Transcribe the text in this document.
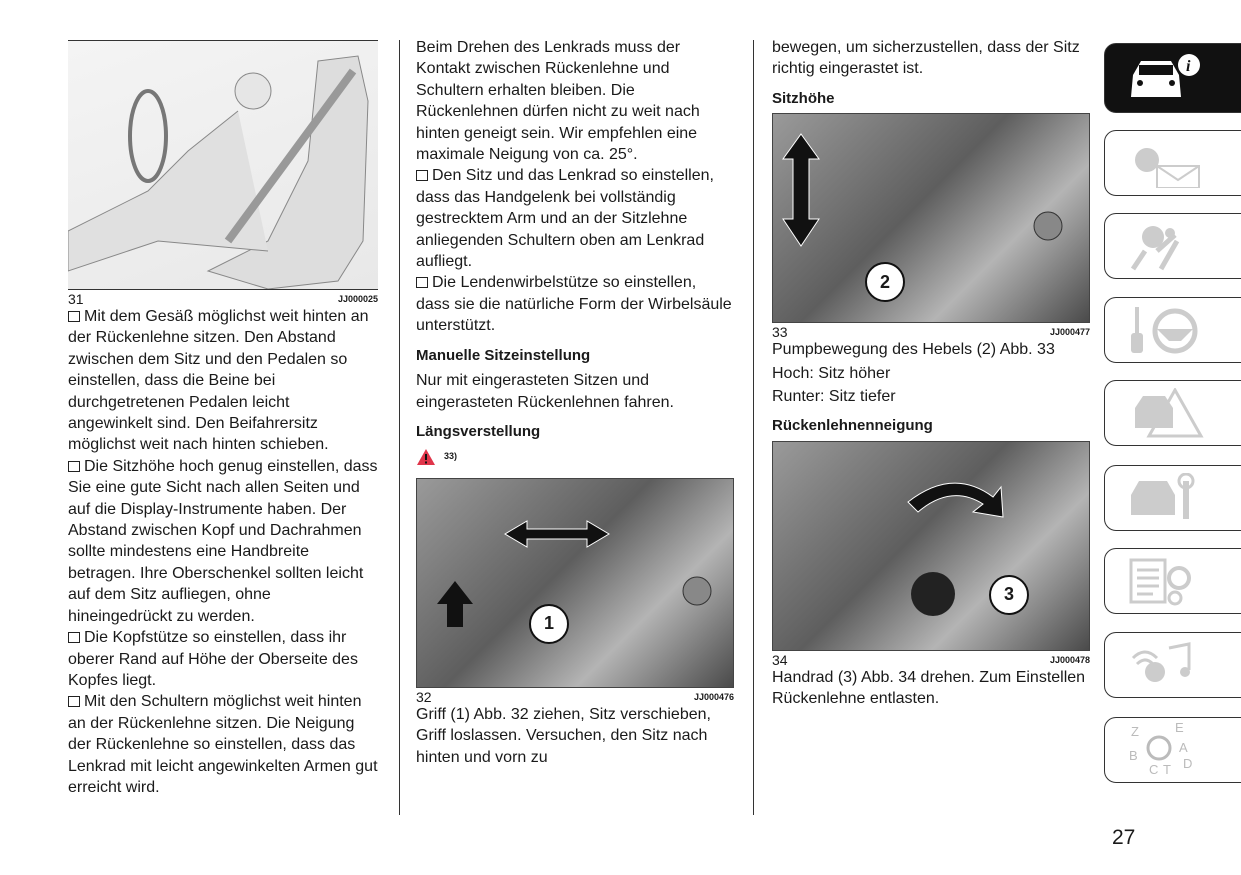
31	JJ000025

Mit dem Gesäß möglichst weit hinten an der Rückenlehne sitzen. Den Abstand zwischen dem Sitz und den Pedalen so einstellen, dass die Beine bei durchgetretenen Pedalen leicht angewinkelt sind. Den Beifahrersitz möglichst weit nach hinten schieben.

Die Sitzhöhe hoch genug einstellen, dass Sie eine gute Sicht nach allen Seiten und auf die Display-Instrumente haben. Der Abstand zwischen Kopf und Dachrahmen sollte mindestens eine Handbreite betragen. Ihre Oberschenkel sollten leicht auf dem Sitz aufliegen, ohne hineingedrückt zu werden.

Die Kopfstütze so einstellen, dass ihr oberer Rand auf Höhe der Oberseite des Kopfes liegt.

Mit den Schultern möglichst weit hinten an der Rückenlehne sitzen. Die Neigung der Rückenlehne so einstellen, dass das Lenkrad mit leicht angewinkelten Armen gut erreicht wird.

Beim Drehen des Lenkrads muss der Kontakt zwischen Rückenlehne und Schultern erhalten bleiben. Die Rückenlehnen dürfen nicht zu weit nach hinten geneigt sein. Wir empfehlen eine maximale Neigung von ca. 25°.

Den Sitz und das Lenkrad so einstellen, dass das Handgelenk bei vollständig gestrecktem Arm und an der Sitzlehne anliegenden Schultern oben am Lenkrad aufliegt.

Die Lendenwirbelstütze so einstellen, dass sie die natürliche Form der Wirbelsäule unterstützt.

Manuelle Sitzeinstellung

Nur mit eingerasteten Sitzen und eingerasteten Rückenlehnen fahren.

Längsverstellung
33)
1
32	JJ000476

Griff (1) Abb. 32 ziehen, Sitz verschieben, Griff loslassen. Versuchen, den Sitz nach hinten und vorn zu

bewegen, um sicherzustellen, dass der Sitz richtig eingerastet ist.

Sitzhöhe
2
33	JJ000477

Pumpbewegung des Hebels (2) Abb. 33

Hoch: Sitz höher

Runter: Sitz tiefer

Rückenlehnenneigung
3
34	JJ000478

Handrad (3) Abb. 34 drehen. Zum Einstellen Rückenlehne entlasten.

i
Z	E BA C T D
27
